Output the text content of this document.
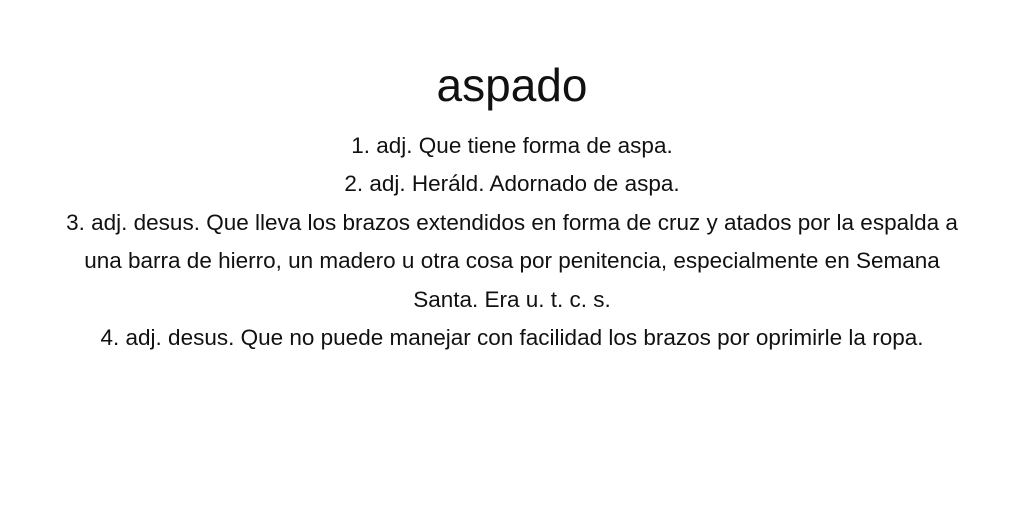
aspado
1. adj. Que tiene forma de aspa.
2. adj. Heráld. Adornado de aspa.
3. adj. desus. Que lleva los brazos extendidos en forma de cruz y atados por la espalda a una barra de hierro, un madero u otra cosa por penitencia, especialmente en Semana Santa. Era u. t. c. s.
4. adj. desus. Que no puede manejar con facilidad los brazos por oprimirle la ropa.
